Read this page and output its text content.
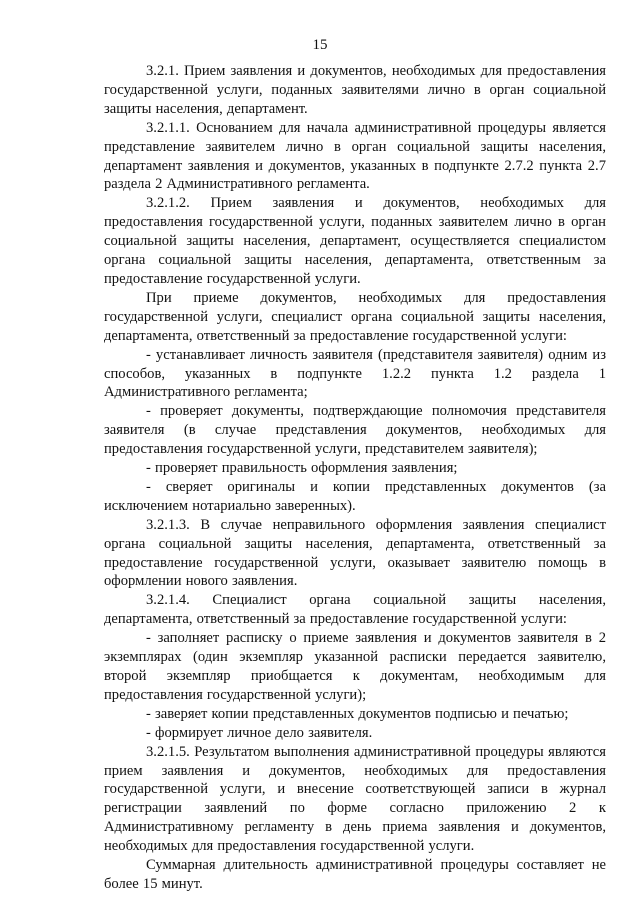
15

3.2.1. Прием заявления и документов, необходимых для предоставления государственной услуги, поданных заявителями лично в орган социальной защиты населения, департамент.

3.2.1.1. Основанием для начала административной процедуры является представление заявителем лично в орган социальной защиты населения, департамент заявления и документов, указанных в подпункте 2.7.2 пункта 2.7 раздела 2 Административного регламента.

3.2.1.2. Прием заявления и документов, необходимых для предоставления государственной услуги, поданных заявителем лично в орган социальной защиты населения, департамент, осуществляется специалистом органа социальной защиты населения, департамента, ответственным за предоставление государственной услуги.

При приеме документов, необходимых для предоставления государственной услуги, специалист органа социальной защиты населения, департамента, ответственный за предоставление государственной услуги:

- устанавливает личность заявителя (представителя заявителя) одним из способов, указанных в подпункте 1.2.2 пункта 1.2 раздела 1 Административного регламента;

- проверяет документы, подтверждающие полномочия представителя заявителя (в случае представления документов, необходимых для предоставления государственной услуги, представителем заявителя);

- проверяет правильность оформления заявления;

- сверяет оригиналы и копии представленных документов (за исключением нотариально заверенных).

3.2.1.3. В случае неправильного оформления заявления специалист органа социальной защиты населения, департамента, ответственный за предоставление государственной услуги, оказывает заявителю помощь в оформлении нового заявления.

3.2.1.4. Специалист органа социальной защиты населения, департамента, ответственный за предоставление государственной услуги:

- заполняет расписку о приеме заявления и документов заявителя в 2 экземплярах (один экземпляр указанной расписки передается заявителю, второй экземпляр приобщается к документам, необходимым для предоставления государственной услуги);

- заверяет копии представленных документов подписью и печатью;

- формирует личное дело заявителя.

3.2.1.5. Результатом выполнения административной процедуры являются прием заявления и документов, необходимых для предоставления государственной услуги, и внесение соответствующей записи в журнал регистрации заявлений по форме согласно приложению 2 к Административному регламенту в день приема заявления и документов, необходимых для предоставления государственной услуги.

Суммарная длительность административной процедуры составляет не более 15 минут.
